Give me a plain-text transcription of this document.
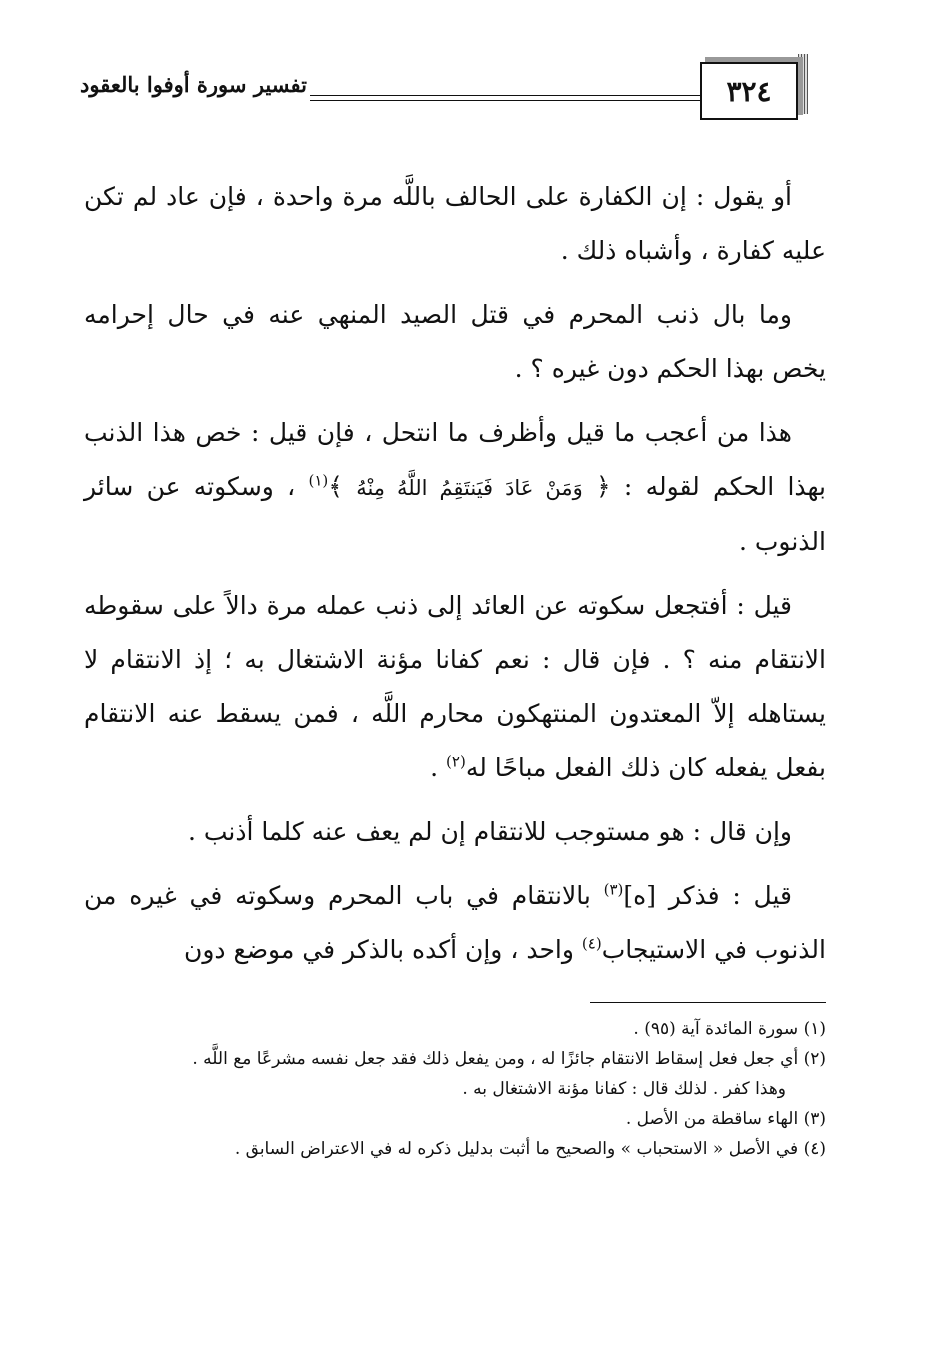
٣٢٤
تفسير سورة أوفوا بالعقود

أو يقول : إن الكفارة على الحالف باللَّه مرة واحدة ، فإن عاد لم تكن عليه كفارة ، وأشباه ذلك .

وما بال ذنب المحرم في قتل الصيد المنهي عنه في حال إحرامه يخص بهذا الحكم دون غيره ؟ .

هذا من أعجب ما قيل وأظرف ما انتحل ، فإن قيل : خص هذا الذنب بهذا الحكم لقوله : ﴿ وَمَنْ عَادَ فَيَنتَقِمُ اللَّهُ مِنْهُ ﴾$^{(١)}$ ، وسكوته عن سائر الذنوب .

قيل : أفتجعل سكوته عن العائد إلى ذنب عمله مرة دالاً على سقوطه الانتقام منه ؟ . فإن قال : نعم كفانا مؤنة الاشتغال به ؛ إذ الانتقام لا يستاهله إلاّ المعتدون المنتهكون محارم اللَّه ، فمن يسقط عنه الانتقام بفعل يفعله كان ذلك الفعل مباحًا له$^{(٢)}$ .

وإن قال : هو مستوجب للانتقام إن لم يعف عنه كلما أذنب .

قيل : فذكر [ه]$^{(٣)}$ بالانتقام في باب المحرم وسكوته في غيره من الذنوب في الاستيجاب$^{(٤)}$ واحد ، وإن أكده بالذكر في موضع دون

(١) سورة المائدة آية (٩٥) .

(٢) أي جعل فعل إسقاط الانتقام جائزًا له ، ومن يفعل ذلك فقد جعل نفسه مشرعًا مع اللَّه .

وهذا كفر . لذلك قال : كفانا مؤنة الاشتغال به .

(٣) الهاء ساقطة من الأصل .

(٤) في الأصل « الاستحباب » والصحيح ما أثبت بدليل ذكره له في الاعتراض السابق .
